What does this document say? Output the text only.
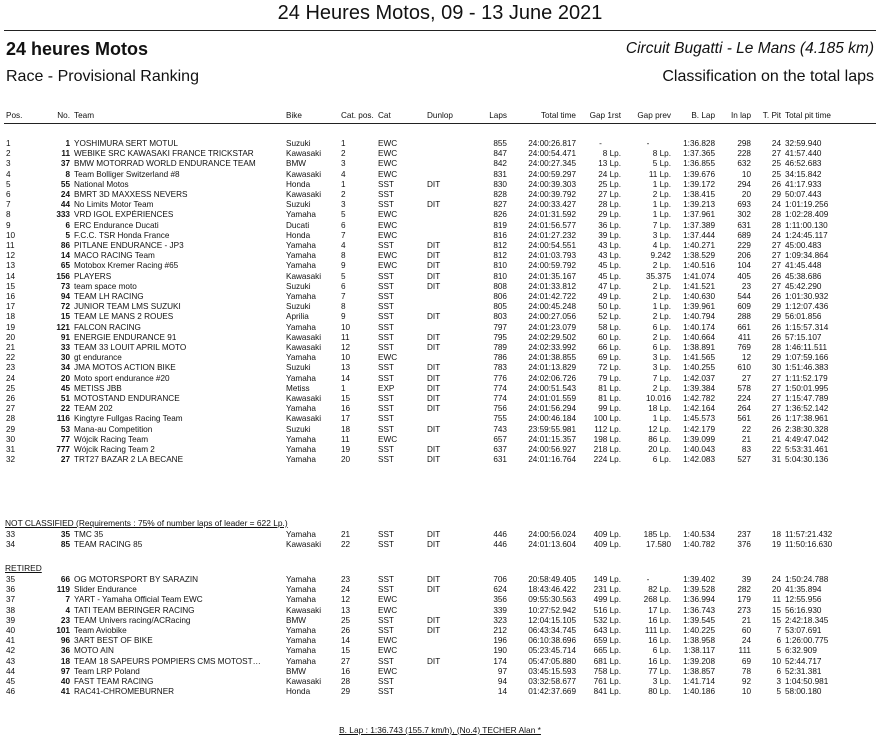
24 Heures Motos, 09 - 13 June 2021
24 heures Motos	Circuit Bugatti - Le Mans (4.185 km)
Race - Provisional Ranking	Classification on the total laps
Pos.	No.	Team	Bike	Cat. pos.	Cat	Dunlop	Laps	Total time	Gap 1rst	Gap prev	B. Lap	In lap	T. Pit	Total pit time
1	1	YOSHIMURA SERT MOTUL	Suzuki	1	EWC		855	24:00:26.817	-	-	1:36.828	298	24	32:59.940
2	11	WEBIKE SRC KAWASAKI FRANCE TRICKSTAR	Kawasaki	2	EWC		847	24:00:54.471	8 Lp.	8 Lp.	1:37.365	228	27	41:57.440
3	37	BMW MOTORRAD WORLD ENDURANCE TEAM	BMW	3	EWC		842	24:00:27.345	13 Lp.	5 Lp.	1:36.855	632	25	46:52.683
4	8	Team Bolliger Switzerland #8	Kawasaki	4	EWC		831	24:00:59.297	24 Lp.	11 Lp.	1:39.676	10	25	34:15.842
5	55	National Motos	Honda	1	SST	DIT	830	24:00:39.303	25 Lp.	1 Lp.	1:39.172	294	26	41:17.933
6	24	BMRT 3D MAXXESS NEVERS	Kawasaki	2	SST		828	24:00:39.792	27 Lp.	2 Lp.	1:38.415	20	29	50:07.443
7	44	No Limits Motor Team	Suzuki	3	SST	DIT	827	24:00:33.427	28 Lp.	1 Lp.	1:39.213	693	24	1:01:19.256
8	333	VRD IGOL EXPÉRIENCES	Yamaha	5	EWC		826	24:01:31.592	29 Lp.	1 Lp.	1:37.961	302	28	1:02:28.409
9	6	ERC Endurance Ducati	Ducati	6	EWC		819	24:01:56.577	36 Lp.	7 Lp.	1:37.389	631	28	1:11:00.130
10	5	F.C.C. TSR Honda France	Honda	7	EWC		816	24:01:27.232	39 Lp.	3 Lp.	1:37.444	689	24	1:24:45.117
11	86	PITLANE ENDURANCE - JP3	Yamaha	4	SST	DIT	812	24:00:54.551	43 Lp.	4 Lp.	1:40.271	229	27	45:00.483
12	14	MACO RACING Team	Yamaha	8	EWC	DIT	812	24:01:03.793	43 Lp.	9.242	1:38.529	206	27	1:09:34.864
13	65	Motobox Kremer Racing #65	Yamaha	9	EWC	DIT	810	24:00:59.792	45 Lp.	2 Lp.	1:40.516	104	27	41:45.448
14	156	PLAYERS	Kawasaki	5	SST	DIT	810	24:01:35.167	45 Lp.	35.375	1:41.074	405	26	45:38.686
15	73	team space moto	Suzuki	6	SST	DIT	808	24:01:33.812	47 Lp.	2 Lp.	1:41.521	23	27	45:42.290
16	94	TEAM LH RACING	Yamaha	7	SST		806	24:01:42.722	49 Lp.	2 Lp.	1:40.630	544	26	1:01:30.932
17	72	JUNIOR TEAM LMS SUZUKI	Suzuki	8	SST		805	24:00:45.248	50 Lp.	1 Lp.	1:39.961	609	29	1:12:07.436
18	15	TEAM LE MANS 2 ROUES	Aprilia	9	SST	DIT	803	24:00:27.056	52 Lp.	2 Lp.	1:40.794	288	29	56:01.856
19	121	FALCON RACING	Yamaha	10	SST		797	24:01:23.079	58 Lp.	6 Lp.	1:40.174	661	26	1:15:57.314
20	91	ENERGIE ENDURANCE 91	Kawasaki	11	SST	DIT	795	24:02:29.502	60 Lp.	2 Lp.	1:40.664	411	26	57:15.107
21	33	TEAM 33 LOUIT APRIL MOTO	Kawasaki	12	SST	DIT	789	24:02:33.992	66 Lp.	6 Lp.	1:38.891	769	28	1:46:11.511
22	30	gt endurance	Yamaha	10	EWC		786	24:01:38.855	69 Lp.	3 Lp.	1:41.565	12	29	1:07:59.166
23	34	JMA MOTOS ACTION BIKE	Suzuki	13	SST	DIT	783	24:01:13.829	72 Lp.	3 Lp.	1:40.255	610	30	1:51:46.383
24	20	Moto sport endurance #20	Yamaha	14	SST	DIT	776	24:02:06.726	79 Lp.	7 Lp.	1:42.037	27	27	1:11:52.179
25	45	METISS JBB	Metiss	1	EXP	DIT	774	24:00:51.543	81 Lp.	2 Lp.	1:39.384	578	27	1:50:01.995
26	51	MOTOSTAND ENDURANCE	Kawasaki	15	SST	DIT	774	24:01:01.559	81 Lp.	10.016	1:42.782	224	27	1:15:47.789
27	22	TEAM 202	Yamaha	16	SST	DIT	756	24:01:56.294	99 Lp.	18 Lp.	1:42.164	264	27	1:36:52.142
28	116	Kingtyre Fullgas Racing Team	Kawasaki	17	SST		755	24:00:46.184	100 Lp.	1 Lp.	1:45.573	561	26	1:17:38.961
29	53	Mana-au Competition	Suzuki	18	SST	DIT	743	23:59:55.981	112 Lp.	12 Lp.	1:42.179	22	26	2:38:30.328
30	77	Wójcik Racing Team	Yamaha	11	EWC		657	24:01:15.357	198 Lp.	86 Lp.	1:39.099	21	21	4:49:47.042
31	777	Wójcik Racing Team 2	Yamaha	19	SST	DIT	637	24:00:56.927	218 Lp.	20 Lp.	1:40.043	83	22	5:53:31.461
32	27	TRT27 BAZAR 2 LA BECANE	Yamaha	20	SST	DIT	631	24:01:16.764	224 Lp.	6 Lp.	1:42.083	527	31	5:04:30.136
NOT CLASSIFIED (Requirements : 75% of number laps of leader = 622 Lp.)
33	35	TMC 35	Yamaha	21	SST	DIT	446	24:00:56.024	409 Lp.	185 Lp.	1:40.534	237	18	11:57:21.432
34	85	TEAM RACING 85	Kawasaki	22	SST	DIT	446	24:01:13.604	409 Lp.	17.580	1:40.782	376	19	11:50:16.630
RETIRED
35	66	OG MOTORSPORT BY SARAZIN	Yamaha	23	SST	DIT	706	20:58:49.405	149 Lp.	-	1:39.402	39	24	1:50:24.788
36	119	Slider Endurance	Yamaha	24	SST	DIT	624	18:43:46.422	231 Lp.	82 Lp.	1:39.528	282	20	41:35.894
37	7	YART - Yamaha Official Team EWC	Yamaha	12	EWC		356	09:55:30.563	499 Lp.	268 Lp.	1:36.994	179	11	12:55.956
38	4	TATI TEAM BERINGER RACING	Kawasaki	13	EWC		339	10:27:52.942	516 Lp.	17 Lp.	1:36.743	273	15	56:16.930
39	23	TEAM Univers racing/ACRacing	BMW	25	SST	DIT	323	12:04:15.105	532 Lp.	16 Lp.	1:39.545	21	15	2:42:18.345
40	101	Team Aviobike	Yamaha	26	SST	DIT	212	06:43:34.745	643 Lp.	111 Lp.	1:40.225	60	7	53:07.691
41	96	3ART BEST OF BIKE	Yamaha	14	EWC		196	06:10:38.696	659 Lp.	16 Lp.	1:38.958	24	6	1:26:00.775
42	36	MOTO AIN	Yamaha	15	EWC		190	05:23:45.714	665 Lp.	6 Lp.	1:38.117	111	5	6:32.909
43	18	TEAM 18 SAPEURS POMPIERS CMS MOTOST…	Yamaha	27	SST	DIT	174	05:47:05.880	681 Lp.	16 Lp.	1:39.208	69	10	52:44.717
44	97	Team LRP Poland	BMW	16	EWC		97	03:45:15.593	758 Lp.	77 Lp.	1:38.857	78	6	52:31.381
45	40	FAST TEAM RACING	Kawasaki	28	SST		94	03:32:58.677	761 Lp.	3 Lp.	1:41.714	92	3	1:04:50.981
46	41	RAC41-CHROMEBURNER	Honda	29	SST		14	01:42:37.669	841 Lp.	80 Lp.	1:40.186	10	5	58:00.180
B. Lap : 1:36.743 (155.7 km/h), (No.4) TECHER Alan *
